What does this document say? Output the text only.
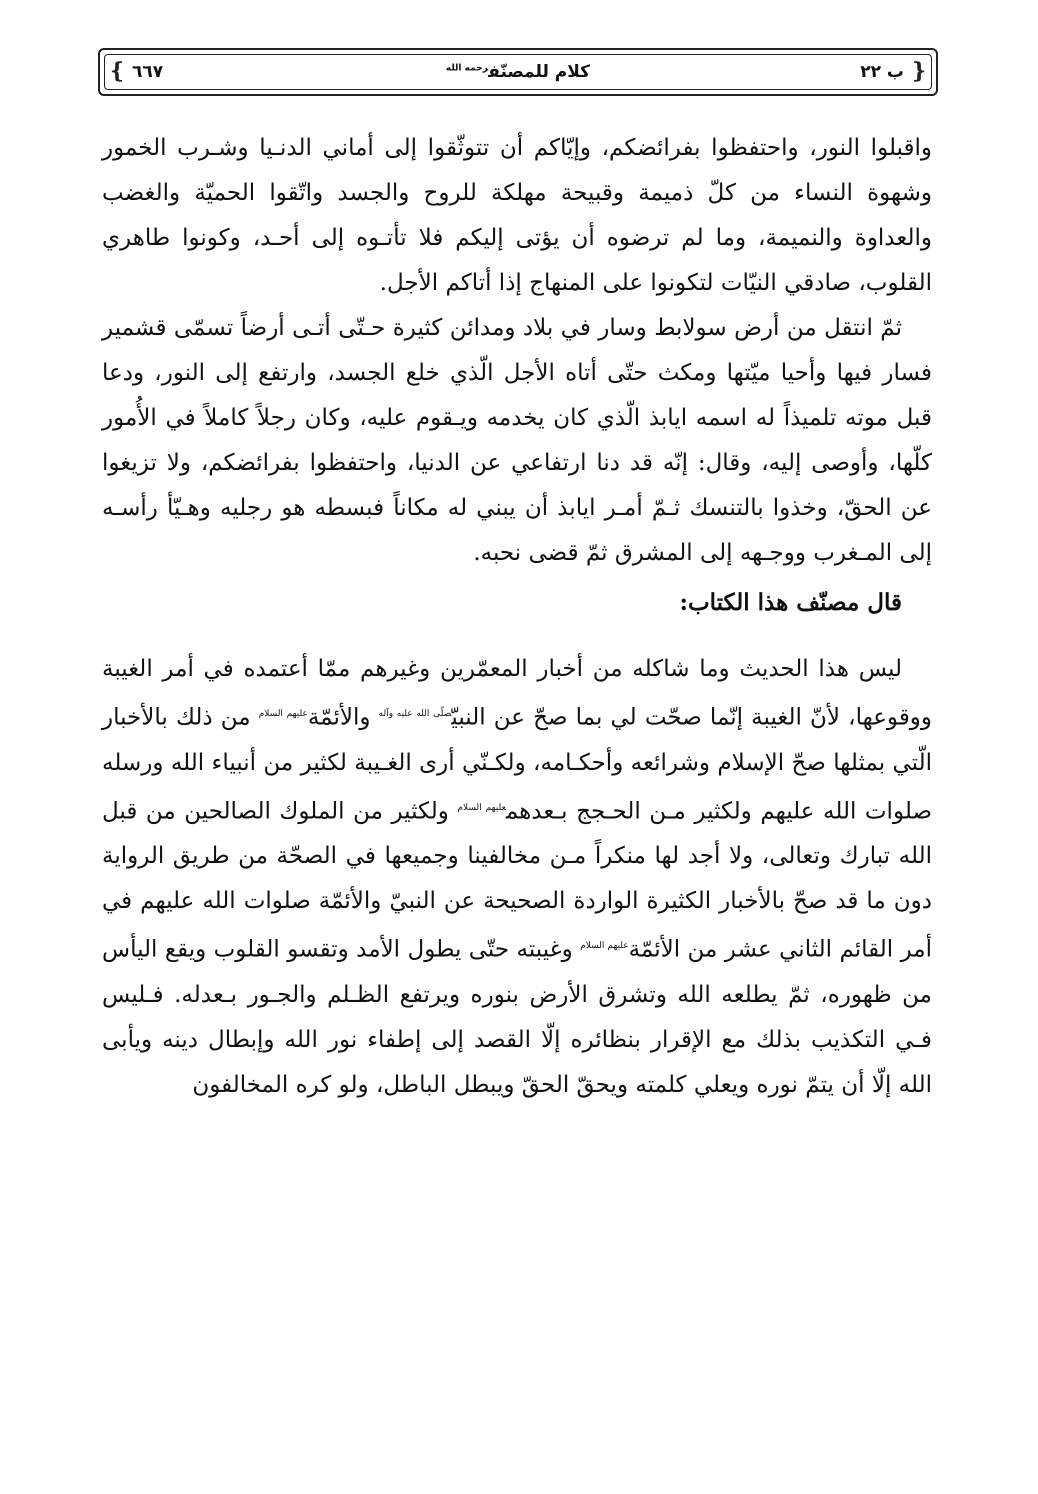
❴	❵
٦٦٧	كلام للمصنّف$^{رحمه الله}$	ب ٢٢

واقبلوا النور، واحتفظوا بفرائضكم، وإيّاكم أن تتوثّقوا إلى أماني الدنـيا وشـرب الخمور وشهوة النساء من كلّ ذميمة وقبيحة مهلكة للروح والجسد واتّقوا الحميّة والغضب والعداوة والنميمة، وما لم ترضوه أن يؤتى إليكم فلا تأتـوه إلى أحـد، وكونوا طاهري القلوب، صادقي النيّات لتكونوا على المنهاج إذا أتاكم الأجل.

ثمّ انتقل من أرض سولابط وسار في بلاد ومدائن كثيرة حـتّى أتـى أرضاً تسمّى قشمير فسار فيها وأحيا ميّتها ومكث حتّى أتاه الأجل الّذي خلع الجسد، وارتفع إلى النور، ودعا قبل موته تلميذاً له اسمه ايابذ الّذي كان يخدمه ويـقوم عليه، وكان رجلاً كاملاً في الأُمور كلّها، وأوصى إليه، وقال: إنّه قد دنا ارتفاعي عن الدنيا، واحتفظوا بفرائضكم، ولا تزيغوا عن الحقّ، وخذوا بالتنسك ثـمّ أمـر ايابذ أن يبني له مكاناً فبسطه هو رجليه وهـيّأ رأسـه إلى المـغرب ووجـهه إلى المشرق ثمّ قضى نحبه.

قال مصنّف هذا الكتاب:

ليس هذا الحديث وما شاكله من أخبار المعمّرين وغيرهم ممّا أعتمده في أمر الغيبة ووقوعها، لأنّ الغيبة إنّما صحّت لي بما صحّ عن النبيّ$^{صلّى الله عليه وآله}$ والأئمّة$^{عليهم السلام}$ من ذلك بالأخبار الّتي بمثلها صحّ الإسلام وشرائعه وأحكـامه، ولكـنّي أرى الغـيبة لكثير من أنبياء الله ورسله صلوات الله عليهم ولكثير مـن الحـجج بـعدهم$^{عليهم السلام}$ ولكثير من الملوك الصالحين من قبل الله تبارك وتعالى، ولا أجد لها منكراً مـن مخالفينا وجميعها في الصحّة من طريق الرواية دون ما قد صحّ بالأخبار الكثيرة الواردة الصحيحة عن النبيّ والأئمّة صلوات الله عليهم في أمر القائم الثاني عشر من الأئمّة$^{عليهم السلام}$ وغيبته حتّى يطول الأمد وتقسو القلوب ويقع اليأس من ظهوره، ثمّ يطلعه الله وتشرق الأرض بنوره ويرتفع الظـلم والجـور بـعدله. فـليس فـي التكذيب بذلك مع الإقرار بنظائره إلّا القصد إلى إطفاء نور الله وإبطال دينه ويأبى الله إلّا أن يتمّ نوره ويعلي كلمته ويحقّ الحقّ ويبطل الباطل، ولو كره المخالفون
